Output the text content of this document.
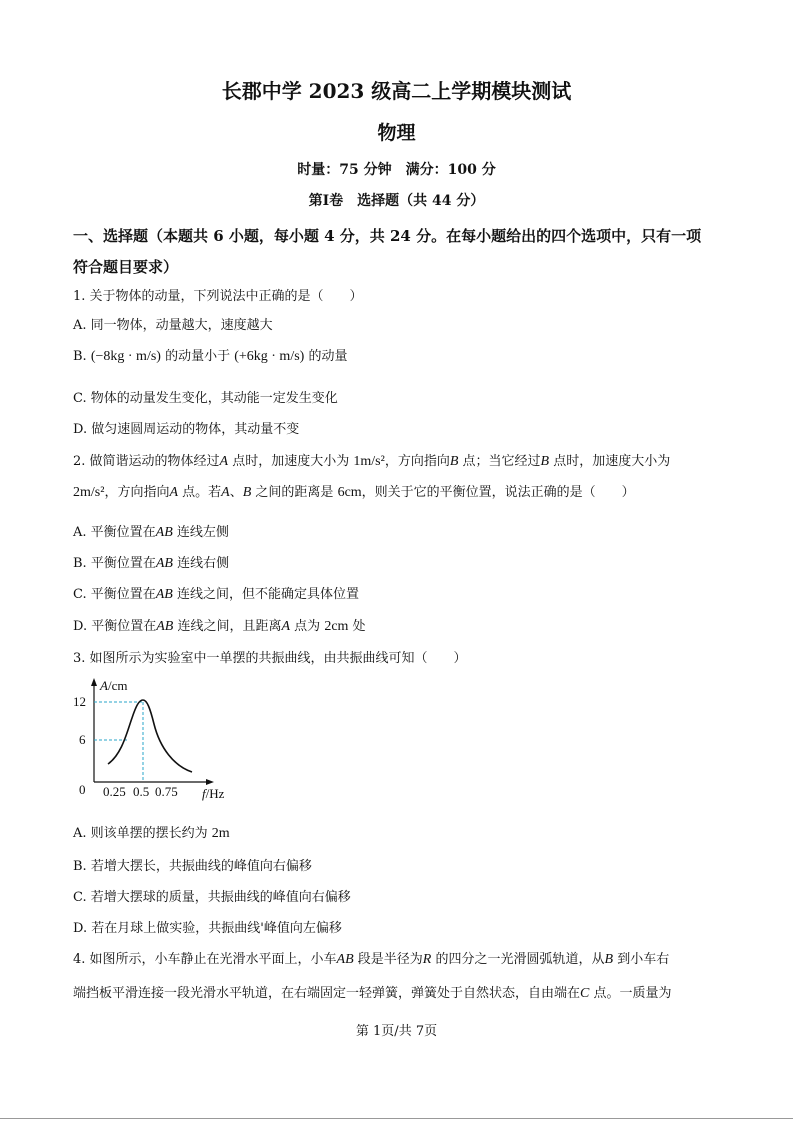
长郡中学 2023 级高二上学期模块测试
物理
时量：75 分钟　满分：100 分
第Ⅰ卷　选择题（共 44 分）
一、选择题（本题共 6 小题，每小题 4 分，共 24 分。在每小题给出的四个选项中，只有一项
符合题目要求）
1. 关于物体的动量，下列说法中正确的是（　　）
A. 同一物体，动量越大，速度越大
B. (−8kg · m/s) 的动量小于 (+6kg · m/s) 的动量
C. 物体的动量发生变化，其动能一定发生变化
D. 做匀速圆周运动的物体，其动量不变
2. 做简谐运动的物体经过A 点时，加速度大小为 1m/s²，方向指向B 点；当它经过B 点时，加速度大小为
2m/s²，方向指向A 点。若A、B 之间的距离是 6cm，则关于它的平衡位置，说法正确的是（　　）
A. 平衡位置在AB 连线左侧
B. 平衡位置在AB 连线右侧
C. 平衡位置在AB 连线之间，但不能确定具体位置
D. 平衡位置在AB 连线之间，且距离A 点为 2cm 处
3. 如图所示为实验室中一单摆的共振曲线，由共振曲线可知（　　）
A/cm
12
6
0 0.25 0.5 0.75 f/Hz
A. 则该单摆的摆长约为 2m
B. 若增大摆长，共振曲线的峰值向右偏移
C. 若增大摆球的质量，共振曲线的峰值向右偏移
D. 若在月球上做实验，共振曲线'峰值向左偏移
4. 如图所示，小车静止在光滑水平面上，小车AB 段是半径为R 的四分之一光滑圆弧轨道，从B 到小车右
端挡板平滑连接一段光滑水平轨道，在右端固定一轻弹簧，弹簧处于自然状态，自由端在C 点。一质量为
第 1页/共 7页
